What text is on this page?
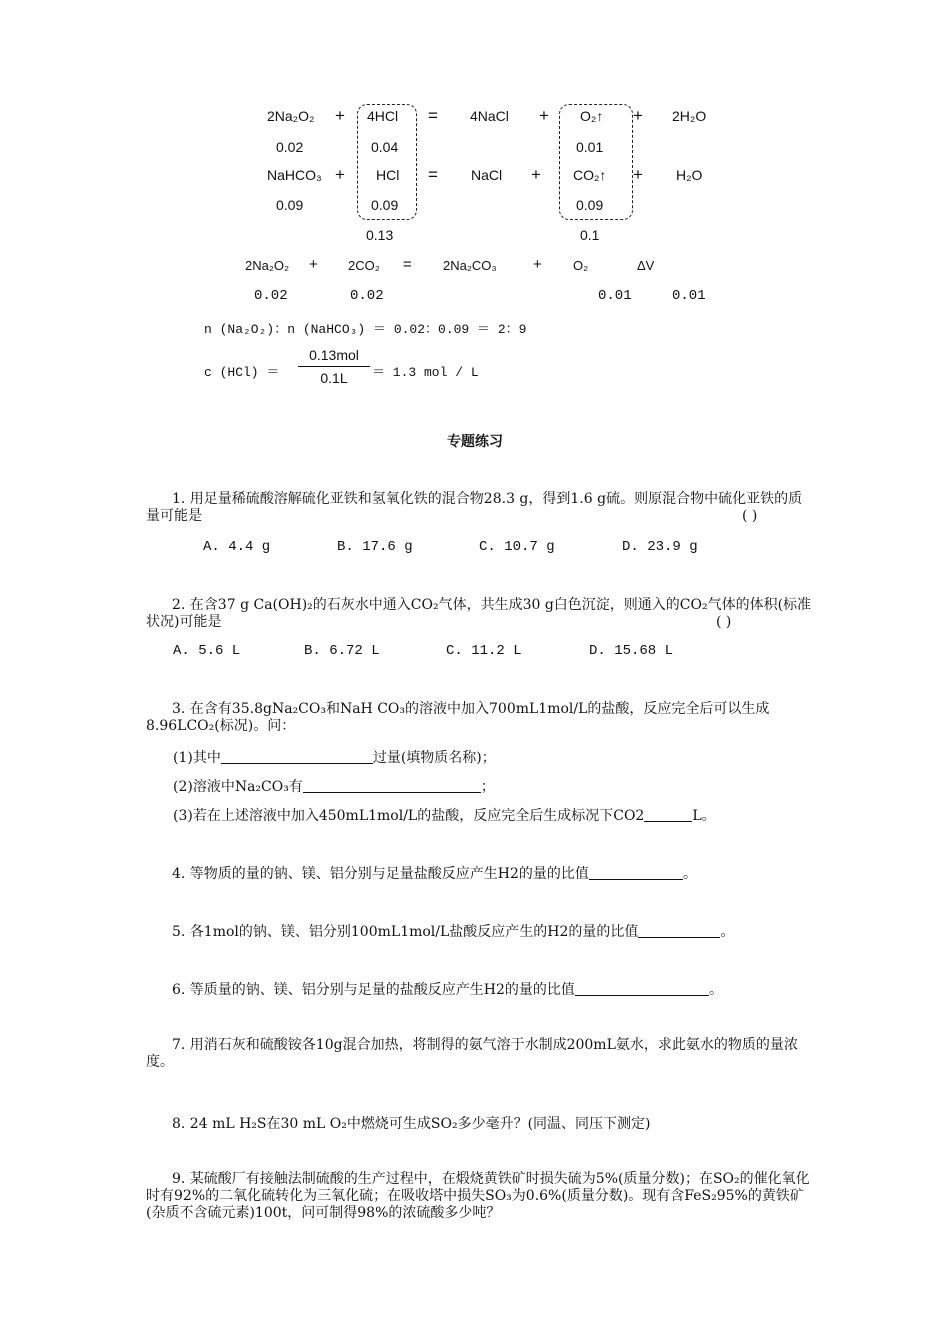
2Na₂O₂ + 4HCl = 4NaCl + O₂↑ + 2H₂O
0.02	0.04	0.01
NaHCO₃ + HCl = NaCl + CO₂↑ + H₂O
0.09	0.09	0.09
0.13	0.1
2Na₂O₂ + 2CO₂ = 2Na₂CO₃ + O₂	ΔV
0.02	0.02	0.01	0.01
n (Na₂O₂)：n (NaHCO₃) ＝ 0.02：0.09 ＝ 2：9
c (HCl) ＝
0.13mol
0.1L	＝ 1.3 mol / L
专题练习
1. 用足量稀硫酸溶解硫化亚铁和氢氧化铁的混合物28.3 g，得到1.6 g硫。则原混合物中硫化亚铁的质量可能是	( )
A. 4.4 g	B. 17.6 g	C. 10.7 g	D. 23.9 g
2. 在含37 g Ca(OH)₂的石灰水中通入CO₂气体，共生成30 g白色沉淀，则通入的CO₂气体的体积(标准状况)可能是	( )
A. 5.6 L	B. 6.72 L	C. 11.2 L	D. 15.68 L
3. 在含有35.8gNa₂CO₃和NaH CO₃的溶液中加入700mL1mol/L的盐酸，反应完全后可以生成8.96LCO₂(标况)。问：
(1)其中	过量(填物质名称)；
(2)溶液中Na₂CO₃有	；
(3)若在上述溶液中加入450mL1mol/L的盐酸，反应完全后生成标况下CO2	L。
4. 等物质的量的钠、镁、铝分别与足量盐酸反应产生H2的量的比值	。
5. 各1mol的钠、镁、铝分别100mL1mol/L盐酸反应产生的H2的量的比值	。
6. 等质量的钠、镁、铝分别与足量的盐酸反应产生H2的量的比值	。
7. 用消石灰和硫酸铵各10g混合加热，将制得的氨气溶于水制成200mL氨水，求此氨水的物质的量浓度。
8. 24 mL H₂S在30 mL O₂中燃烧可生成SO₂多少毫升？(同温、同压下测定)
9. 某硫酸厂有接触法制硫酸的生产过程中，在煅烧黄铁矿时损失硫为5%(质量分数)；在SO₂的催化氧化时有92%的二氧化硫转化为三氧化硫；在吸收塔中损失SO₃为0.6%(质量分数)。现有含FeS₂95%的黄铁矿(杂质不含硫元素)100t，问可制得98%的浓硫酸多少吨？
